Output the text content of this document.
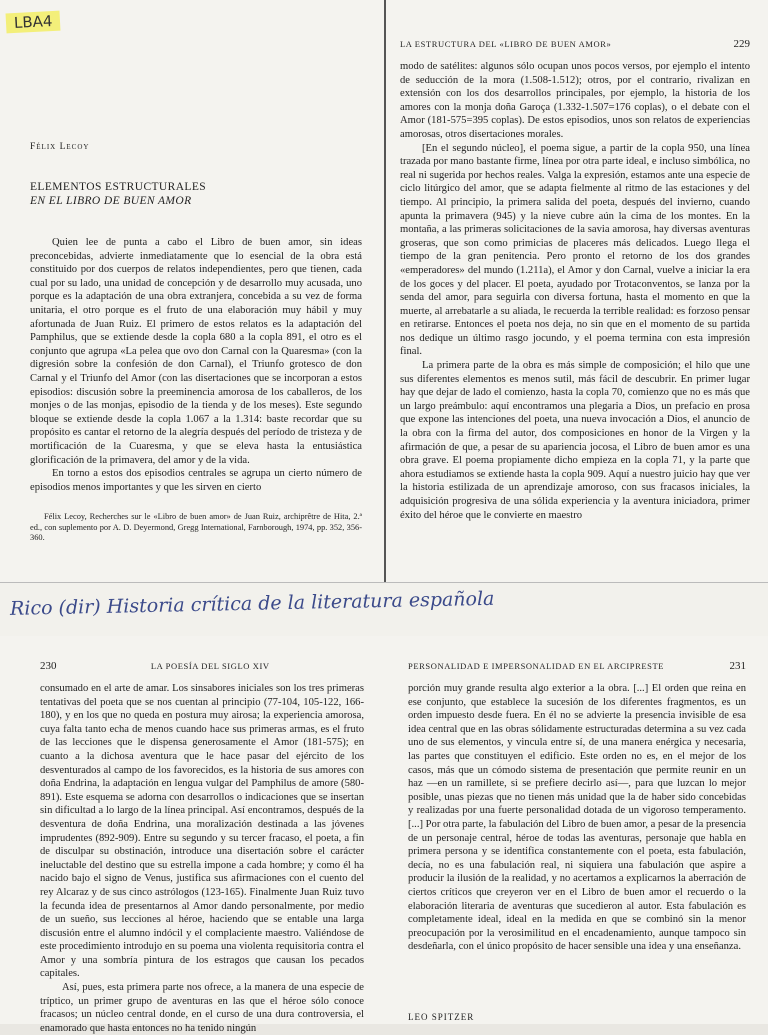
LBA4
Félix Lecoy
ELEMENTOS ESTRUCTURALES
EN EL LIBRO DE BUEN AMOR

Quien lee de punta a cabo el Libro de buen amor, sin ideas preconcebidas, advierte inmediatamente que lo esencial de la obra está constituido por dos cuerpos de relatos independientes, pero que tienen, cada cual por su lado, una unidad de concepción y de desarrollo muy acusada, uno porque es la adaptación de una obra extranjera, concebida a su vez de forma unitaria, el otro porque es el fruto de una elaboración muy hábil y muy afortunada de Juan Ruiz. El primero de estos relatos es la adaptación del Pamphilus, que se extiende desde la copla 680 a la copla 891, el otro es el conjunto que agrupa «La pelea que ovo don Carnal con la Quaresma» (con la digresión sobre la confesión de don Carnal), el Triunfo grotesco de don Carnal y el Triunfo del Amor (con las disertaciones que se incorporan a estos episodios: discusión sobre la preeminencia amorosa de los caballeros, de los monjes o de las monjas, episodio de la tienda y de los meses). Este segundo bloque se extiende desde la copla 1.067 a la 1.314: baste recordar que su propósito es cantar el retorno de la alegría después del período de tristeza y de mortificación de la Cuaresma, y que se eleva hasta la entusiástica glorificación de la primavera, del amor y de la vida.

En torno a estos dos episodios centrales se agrupa un cierto número de episodios menos importantes y que les sirven en cierto

Félix Lecoy, Recherches sur le «Libro de buen amor» de Juan Ruiz, archiprêtre de Hita, 2.ª ed., con suplemento por A. D. Deyermond, Gregg International, Farnborough, 1974, pp. 352, 356-360.

LA ESTRUCTURA DEL «LIBRO DE BUEN AMOR»	229

modo de satélites: algunos sólo ocupan unos pocos versos, por ejemplo el intento de seducción de la mora (1.508-1.512); otros, por el contrario, rivalizan en extensión con los dos desarrollos principales, por ejemplo, la historia de los amores con la monja doña Garoça (1.332-1.507=176 coplas), o el debate con el Amor (181-575=395 coplas). De estos episodios, unos son relatos de experiencias amorosas, otros disertaciones morales.

[En el segundo núcleo], el poema sigue, a partir de la copla 950, una línea trazada por mano bastante firme, línea por otra parte ideal, e incluso simbólica, no real ni sugerida por hechos reales. Valga la expresión, estamos ante una especie de ciclo litúrgico del amor, que se adapta fielmente al ritmo de las estaciones y del tiempo. Al principio, la primera salida del poeta, después del invierno, cuando apunta la primavera (945) y la nieve cubre aún la cima de los montes. En la montaña, a las primeras solicitaciones de la savia amorosa, hay diversas aventuras groseras, que son como primicias de placeres más delicados. Luego llega el tiempo de la gran penitencia. Pero pronto el retorno de los dos grandes «emperadores» del mundo (1.211a), el Amor y don Carnal, vuelve a iniciar la era de los goces y del placer. El poeta, ayudado por Trotaconventos, se lanza por la senda del amor, para seguirla con diversa fortuna, hasta el momento en que la muerte, al arrebatarle a su aliada, le recuerda la terrible realidad: es forzoso pensar en retirarse. Entonces el poeta nos deja, no sin que en el momento de su partida nos dedique un último rasgo jocundo, y el poema termina con esta impresión final.

La primera parte de la obra es más simple de composición; el hilo que une sus diferentes elementos es menos sutil, más fácil de descubrir. En primer lugar hay que dejar de lado el comienzo, hasta la copla 70, comienzo que no es más que un largo preámbulo: aquí encontramos una plegaria a Dios, un prefacio en prosa que expone las intenciones del poeta, una nueva invocación a Dios, el anuncio de la obra con la firma del autor, dos composiciones en honor de la Virgen y la afirmación de que, a pesar de su apariencia jocosa, el Libro de buen amor es una obra grave. El poema propiamente dicho empieza en la copla 71, y la parte que ahora estudiamos se extiende hasta la copla 909. Aquí a nuestro juicio hay que ver la historia estilizada de un aprendizaje amoroso, con sus fracasos iniciales, la adquisición progresiva de una sólida experiencia y la aventura iniciadora, primer éxito del héroe que le convierte en maestro

Rico (dir) Historia crítica de la literatura española
230	LA POESÍA DEL SIGLO XIV

consumado en el arte de amar. Los sinsabores iniciales son los tres primeras tentativas del poeta que se nos cuentan al principio (77-104, 105-122, 166-180), y en los que no queda en postura muy airosa; la experiencia amorosa, cuya falta tanto echa de menos cuando hace sus primeras armas, es el fruto de las lecciones que le dispensa generosamente el Amor (181-575); en cuanto a la dichosa aventura que le hace pasar del ejército de los desventurados al campo de los favorecidos, es la historia de sus amores con doña Endrina, la adaptación en lengua vulgar del Pamphilus de amore (580-891). Este esquema se adorna con desarrollos o indicaciones que se insertan sin dificultad a lo largo de la línea principal. Así encontramos, después de la desventura de doña Endrina, una moralización destinada a las jóvenes imprudentes (892-909). Entre su segundo y su tercer fracaso, el poeta, a fin de disculpar su obstinación, introduce una disertación sobre el carácter ineluctable del destino que su estrella impone a cada hombre; y como él ha nacido bajo el signo de Venus, justifica sus afirmaciones con el cuento del rey Alcaraz y de sus cinco astrólogos (123-165). Finalmente Juan Ruiz tuvo la fecunda idea de presentarnos al Amor dando personalmente, por medio de un sueño, sus lecciones al héroe, haciendo que se entable una larga discusión entre el alumno indócil y el complaciente maestro. Valiéndose de este procedimiento introdujo en su poema una violenta requisitoria contra el Amor y una sombría pintura de los estragos que causan los pecados capitales.

Así, pues, esta primera parte nos ofrece, a la manera de una especie de tríptico, un primer grupo de aventuras en las que el héroe sólo conoce fracasos; un núcleo central donde, en el curso de una dura controversia, el enamorado que hasta entonces no ha tenido ningún

PERSONALIDAD E IMPERSONALIDAD EN EL ARCIPRESTE	231

porción muy grande resulta algo exterior a la obra. [...] El orden que reina en ese conjunto, que establece la sucesión de los diferentes fragmentos, es un orden impuesto desde fuera. En él no se advierte la presencia invisible de esa idea central que en las obras sólidamente estructuradas determina a su vez cada uno de sus elementos, y vincula entre sí, de una manera enérgica y necesaria, las partes que constituyen el edificio. Este orden no es, en el mejor de los casos, más que un cómodo sistema de presentación que permite reunir en un haz —en un ramillete, si se prefiere decirlo así—, para que luzcan lo mejor posible, unas piezas que no tienen más unidad que la de haber sido concebidas y realizadas por una fuerte personalidad dotada de un vigoroso temperamento. [...] Por otra parte, la fabulación del Libro de buen amor, a pesar de la presencia de un personaje central, héroe de todas las aventuras, personaje que habla en primera persona y se identifica constantemente con el poeta, esta fabulación, decía, no es una fabulación real, ni siquiera una fabulación que aspire a producir la ilusión de la realidad, y no acertamos a explicarnos la aberración de ciertos críticos que creyeron ver en el Libro de buen amor el recuerdo o la elaboración literaria de aventuras que sucedieron al autor. Esta fabulación es completamente ideal, ideal en la medida en que se combinó sin la menor preocupación por la verosimilitud en el encadenamiento, aunque tampoco sin desdeñarla, con el único propósito de hacer sensible una idea y una enseñanza.

LEO SPITZER
